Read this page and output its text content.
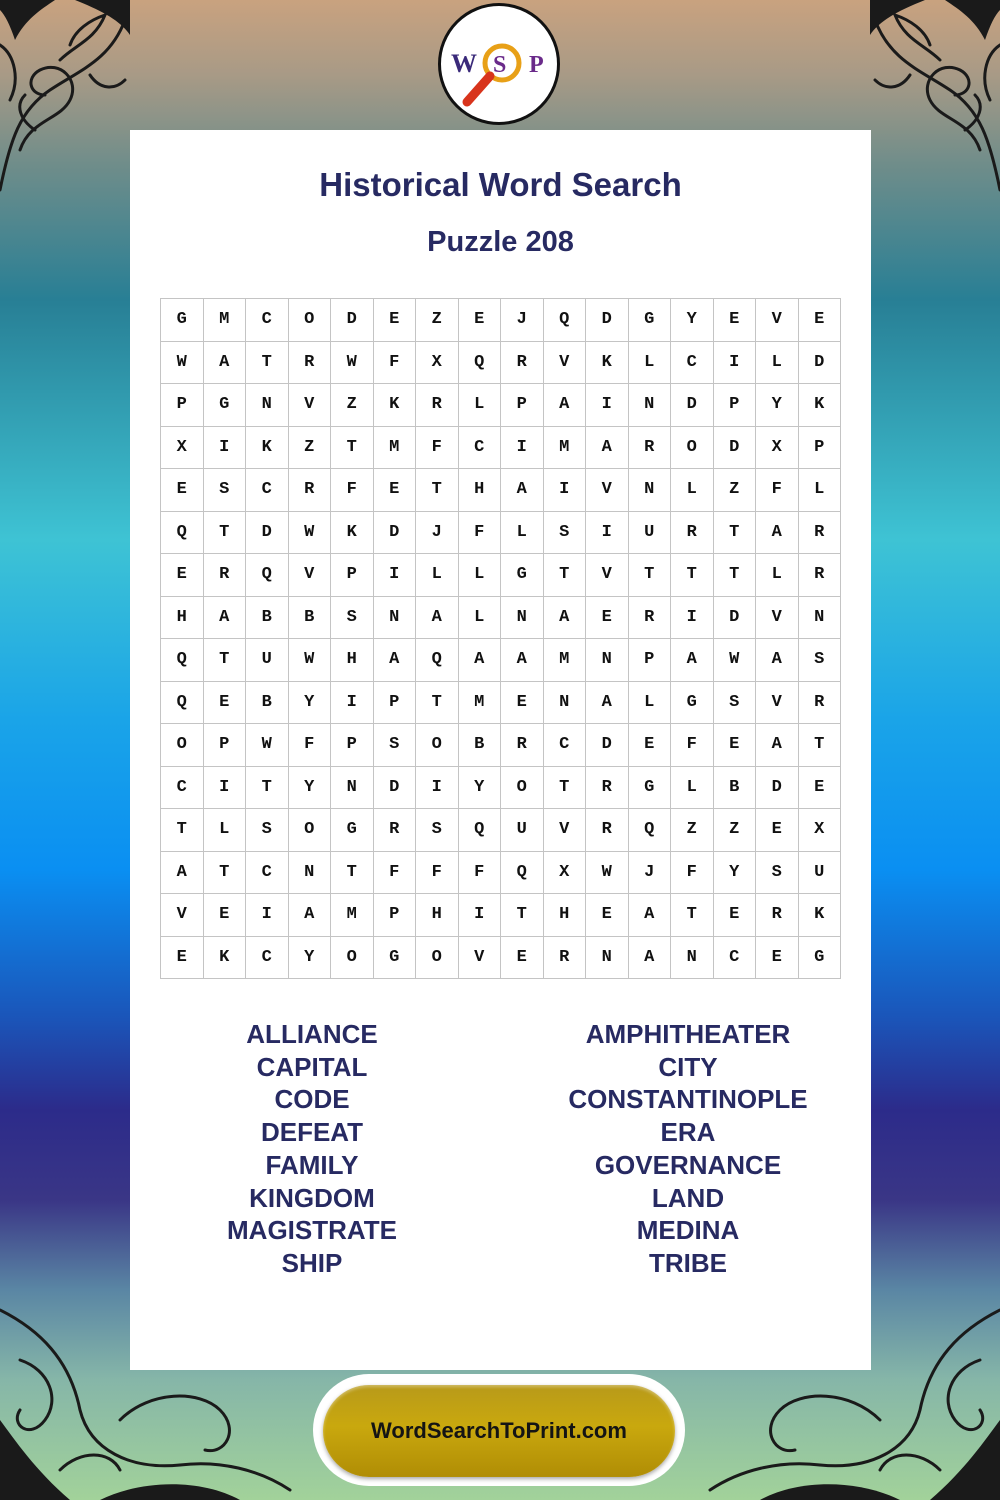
W S P
Historical Word Search
Puzzle 208
G	M	C	O	D	E	Z	E	J	Q	D	G	Y	E	V	E
W	A	T	R	W	F	X	Q	R	V	K	L	C	I	L	D
P	G	N	V	Z	K	R	L	P	A	I	N	D	P	Y	K
X	I	K	Z	T	M	F	C	I	M	A	R	O	D	X	P
E	S	C	R	F	E	T	H	A	I	V	N	L	Z	F	L
Q	T	D	W	K	D	J	F	L	S	I	U	R	T	A	R
E	R	Q	V	P	I	L	L	G	T	V	T	T	T	L	R
H	A	B	B	S	N	A	L	N	A	E	R	I	D	V	N
Q	T	U	W	H	A	Q	A	A	M	N	P	A	W	A	S
Q	E	B	Y	I	P	T	M	E	N	A	L	G	S	V	R
O	P	W	F	P	S	O	B	R	C	D	E	F	E	A	T
C	I	T	Y	N	D	I	Y	O	T	R	G	L	B	D	E
T	L	S	O	G	R	S	Q	U	V	R	Q	Z	Z	E	X
A	T	C	N	T	F	F	F	Q	X	W	J	F	Y	S	U
V	E	I	A	M	P	H	I	T	H	E	A	T	E	R	K
E	K	C	Y	O	G	O	V	E	R	N	A	N	C	E	G
ALLIANCE
CAPITAL
CODE
DEFEAT
FAMILY
KINGDOM
MAGISTRATE
SHIP
AMPHITHEATER
CITY
CONSTANTINOPLE
ERA
GOVERNANCE
LAND
MEDINA
TRIBE
WordSearchToPrint.com
